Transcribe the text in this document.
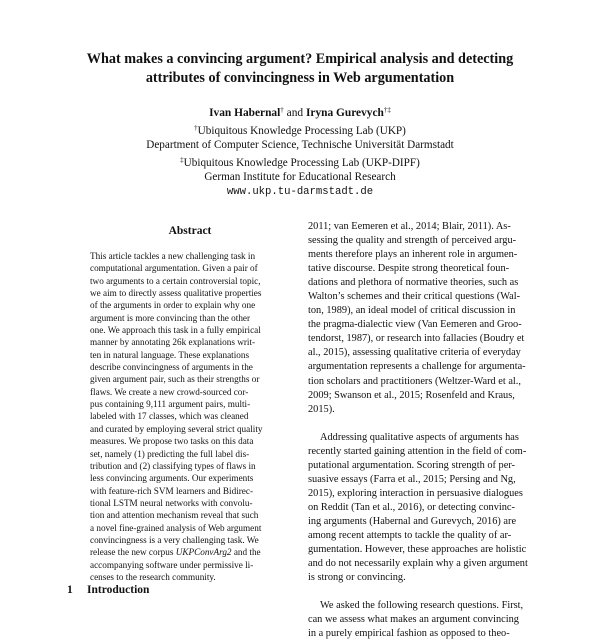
What makes a convincing argument? Empirical analysis and detecting
attributes of convincingness in Web argumentation
Ivan Habernal† and Iryna Gurevych†‡
†Ubiquitous Knowledge Processing Lab (UKP)
Department of Computer Science, Technische Universität Darmstadt
‡Ubiquitous Knowledge Processing Lab (UKP-DIPF)
German Institute for Educational Research
www.ukp.tu-darmstadt.de
Abstract
This article tackles a new challenging task in
computational argumentation. Given a pair of
two arguments to a certain controversial topic,
we aim to directly assess qualitative properties
of the arguments in order to explain why one
argument is more convincing than the other
one. We approach this task in a fully empirical
manner by annotating 26k explanations writ-
ten in natural language. These explanations
describe convincingness of arguments in the
given argument pair, such as their strengths or
flaws. We create a new crowd-sourced cor-
pus containing 9,111 argument pairs, multi-
labeled with 17 classes, which was cleaned
and curated by employing several strict quality
measures. We propose two tasks on this data
set, namely (1) predicting the full label dis-
tribution and (2) classifying types of flaws in
less convincing arguments. Our experiments
with feature-rich SVM learners and Bidirec-
tional LSTM neural networks with convolu-
tion and attention mechanism reveal that such
a novel fine-grained analysis of Web argument
convincingness is a very challenging task. We
release the new corpus UKPConvArg2 and the
accompanying software under permissive li-
censes to the research community.
1 Introduction
2011; van Eemeren et al., 2014; Blair, 2011). As-
sessing the quality and strength of perceived argu-
ments therefore plays an inherent role in argumen-
tative discourse. Despite strong theoretical foun-
dations and plethora of normative theories, such as
Walton’s schemes and their critical questions (Wal-
ton, 1989), an ideal model of critical discussion in
the pragma-dialectic view (Van Eemeren and Groo-
tendorst, 1987), or research into fallacies (Boudry et
al., 2015), assessing qualitative criteria of everyday
argumentation represents a challenge for argumenta-
tion scholars and practitioners (Weltzer-Ward et al.,
2009; Swanson et al., 2015; Rosenfeld and Kraus,
2015).
Addressing qualitative aspects of arguments has
recently started gaining attention in the field of com-
putational argumentation. Scoring strength of per-
suasive essays (Farra et al., 2015; Persing and Ng,
2015), exploring interaction in persuasive dialogues
on Reddit (Tan et al., 2016), or detecting convinc-
ing arguments (Habernal and Gurevych, 2016) are
among recent attempts to tackle the quality of ar-
gumentation. However, these approaches are holistic
and do not necessarily explain why a given argument
is strong or convincing.
We asked the following research questions. First,
can we assess what makes an argument convincing
in a purely empirical fashion as opposed to theo-
